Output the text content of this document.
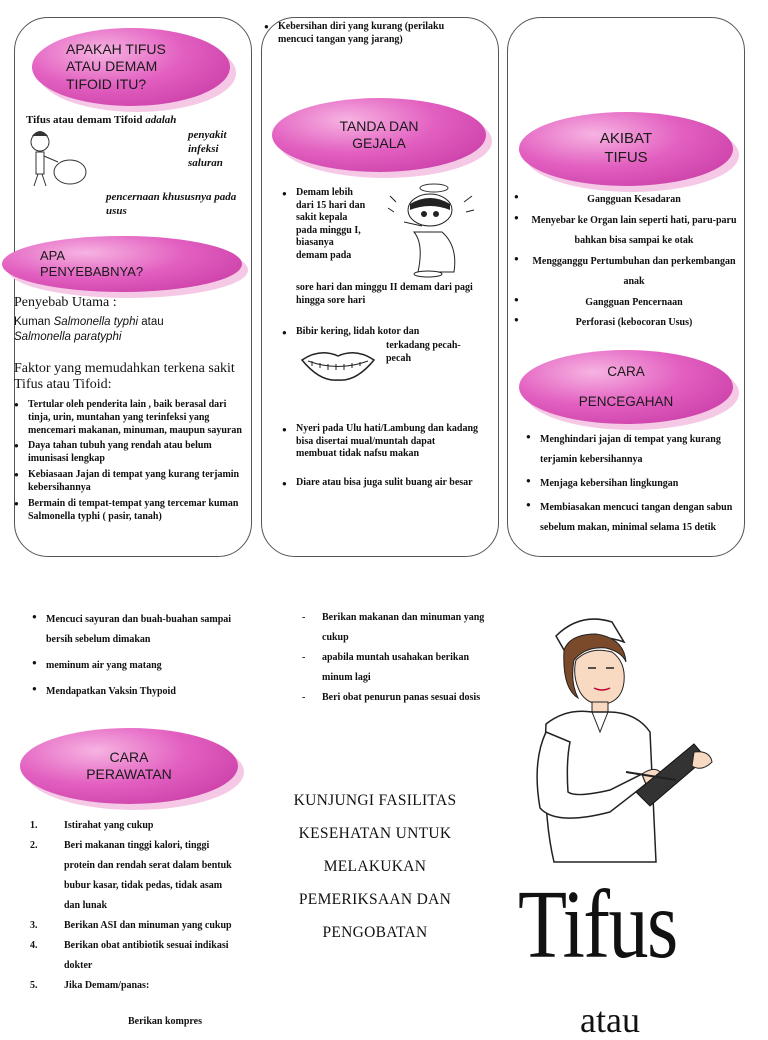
APAKAH TIFUS ATAU DEMAM TIFOID ITU?
Tifus atau demam Tifoid adalah
penyakit
infeksi
saluran
pencernaan khususnya pada usus
APA PENYEBABNYA?
Penyebab Utama :
Kuman Salmonella typhi atau
Salmonella paratyphi
Faktor yang memudahkan terkena sakit Tifus atau Tifoid:
● Tertular oleh penderita lain , baik berasal dari tinja, urin, muntahan yang terinfeksi yang mencemari makanan, minuman, maupun sayuran
● Daya tahan tubuh yang rendah atau belum imunisasi lengkap
● Kebiasaan Jajan di tempat yang kurang terjamin kebersihannya
● Bermain di tempat-tempat yang tercemar kuman Salmonella typhi ( pasir, tanah)
● Kebersihan diri yang kurang (perilaku mencuci tangan yang jarang)
TANDA DAN GEJALA
● Demam lebih dari 15 hari dan sakit kepala pada minggu I, biasanya demam pada
sore hari dan minggu II demam dari pagi hingga sore hari
● Bibir kering, lidah kotor dan
terkadang pecah-pecah
● Nyeri pada Ulu hati/Lambung dan kadang bisa disertai mual/muntah dapat membuat tidak nafsu makan
● Diare atau bisa juga sulit buang air besar
AKIBAT TIFUS
● Gangguan Kesadaran
● Menyebar ke Organ lain seperti hati, paru-paru bahkan bisa sampai ke otak
● Mengganggu Pertumbuhan dan perkembangan anak
● Gangguan Pencernaan
● Perforasi (kebocoran Usus)
CARA PENCEGAHAN
● Menghindari jajan di tempat yang kurang terjamin kebersihannya
● Menjaga kebersihan lingkungan
● Membiasakan mencuci tangan dengan sabun sebelum makan, minimal selama 15 detik
● Mencuci sayuran dan buah-buahan sampai bersih sebelum dimakan
● meminum air yang matang
● Mendapatkan Vaksin Thypoid
CARA PERAWATAN
1.	Istirahat yang cukup
2.	Beri makanan tinggi kalori, tinggi protein dan rendah serat dalam bentuk bubur kasar, tidak pedas, tidak asam dan lunak
3.	Berikan ASI dan minuman yang cukup
4.	Berikan obat antibiotik sesuai indikasi dokter
5.	Jika Demam/panas:
Berikan kompres
- Berikan makanan dan minuman yang cukup
- apabila muntah usahakan berikan minum lagi
- Beri obat penurun panas sesuai dosis
KUNJUNGI FASILITAS KESEHATAN UNTUK MELAKUKAN PEMERIKSAAN DAN PENGOBATAN Tifus
atau
